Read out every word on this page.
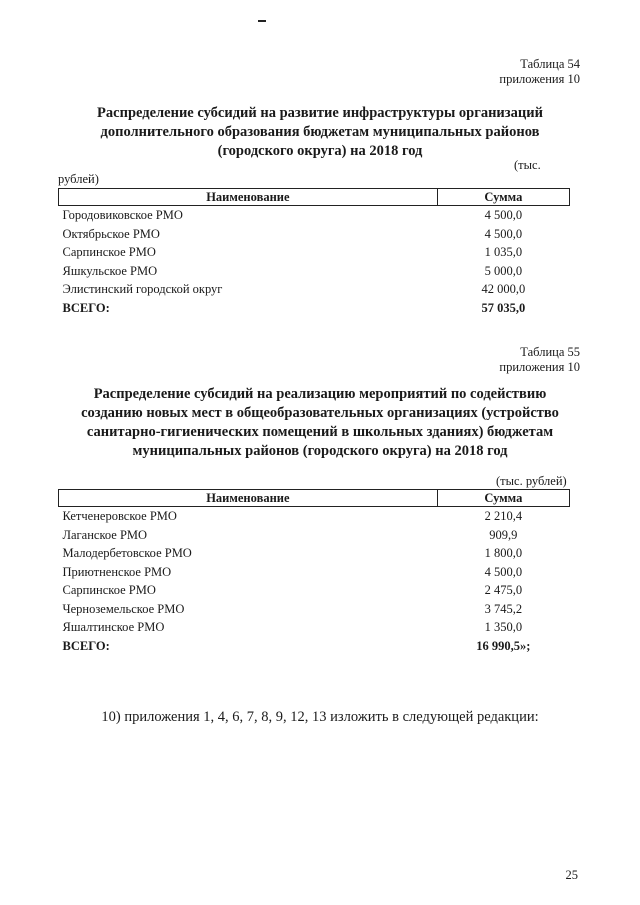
Таблица 54
приложения 10
Распределение субсидий на развитие инфраструктуры организаций
дополнительного образования бюджетам муниципальных районов
(городского округа) на 2018 год
(тыс.
рублей)
Наименование	Сумма
Городовиковское РМО	4 500,0
Октябрьское РМО	4 500,0
Сарпинское РМО	1 035,0
Яшкульское РМО	5 000,0
Элистинский городской округ	42 000,0
ВСЕГО:	57 035,0
Таблица 55
приложения 10
Распределение субсидий на реализацию мероприятий по содействию
созданию новых мест в общеобразовательных организациях (устройство
санитарно-гигиенических помещений в школьных зданиях) бюджетам
муниципальных районов (городского округа) на 2018 год
(тыс. рублей)
Наименование	Сумма
Кетченеровское РМО	2 210,4
Лаганское РМО	909,9
Малодербетовское РМО	1 800,0
Приютненское РМО	4 500,0
Сарпинское РМО	2 475,0
Черноземельское РМО	3 745,2
Яшалтинское РМО	1 350,0
ВСЕГО:	16 990,5»;
10) приложения 1, 4, 6, 7, 8, 9, 12, 13 изложить в следующей редакции:
25
